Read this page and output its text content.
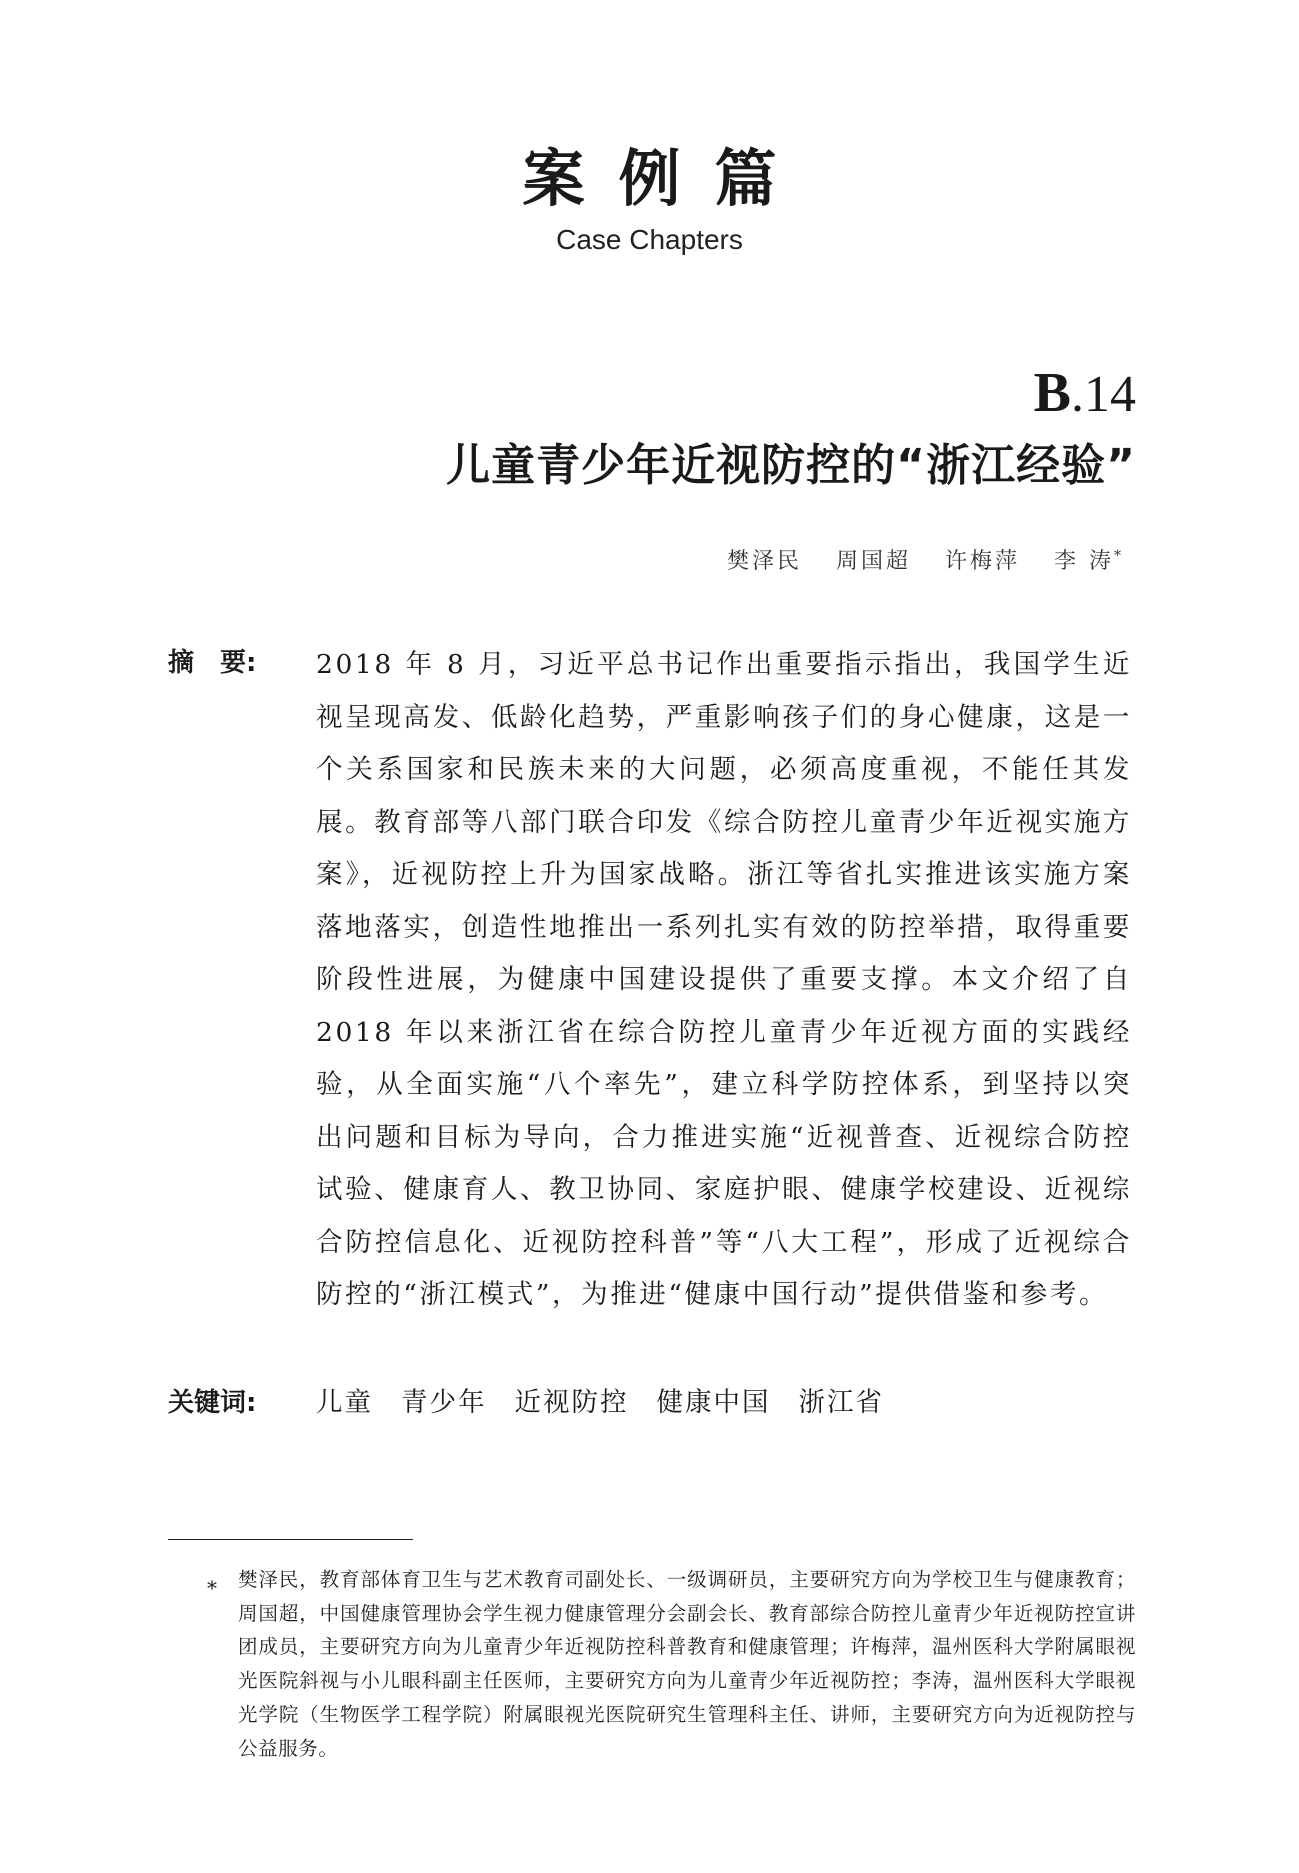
案例篇
Case Chapters
B.14
儿童青少年近视防控的“浙江经验”
樊泽民 周国超 许梅萍 李 涛*
摘　要: 2018 年 8 月，习近平总书记作出重要指示指出，我国学生近视呈现高发、低龄化趋势，严重影响孩子们的身心健康，这是一个关系国家和民族未来的大问题，必须高度重视，不能任其发展。教育部等八部门联合印发《综合防控儿童青少年近视实施方案》，近视防控上升为国家战略。浙江等省扎实推进该实施方案落地落实，创造性地推出一系列扎实有效的防控举措，取得重要阶段性进展，为健康中国建设提供了重要支撑。本文介绍了自 2018 年以来浙江省在综合防控儿童青少年近视方面的实践经验，从全面实施“八个率先”，建立科学防控体系，到坚持以突出问题和目标为导向，合力推进实施“近视普查、近视综合防控试验、健康育人、教卫协同、家庭护眼、健康学校建设、近视综合防控信息化、近视防控科普”等“八大工程”，形成了近视综合防控的“浙江模式”，为推进“健康中国行动”提供借鉴和参考。
关键词: 儿童 青少年 近视防控 健康中国 浙江省
* 樊泽民，教育部体育卫生与艺术教育司副处长、一级调研员，主要研究方向为学校卫生与健康教育；周国超，中国健康管理协会学生视力健康管理分会副会长、教育部综合防控儿童青少年近视防控宣讲团成员，主要研究方向为儿童青少年近视防控科普教育和健康管理；许梅萍，温州医科大学附属眼视光医院斜视与小儿眼科副主任医师，主要研究方向为儿童青少年近视防控；李涛，温州医科大学眼视光学院（生物医学工程学院）附属眼视光医院研究生管理科主任、讲师，主要研究方向为近视防控与公益服务。
